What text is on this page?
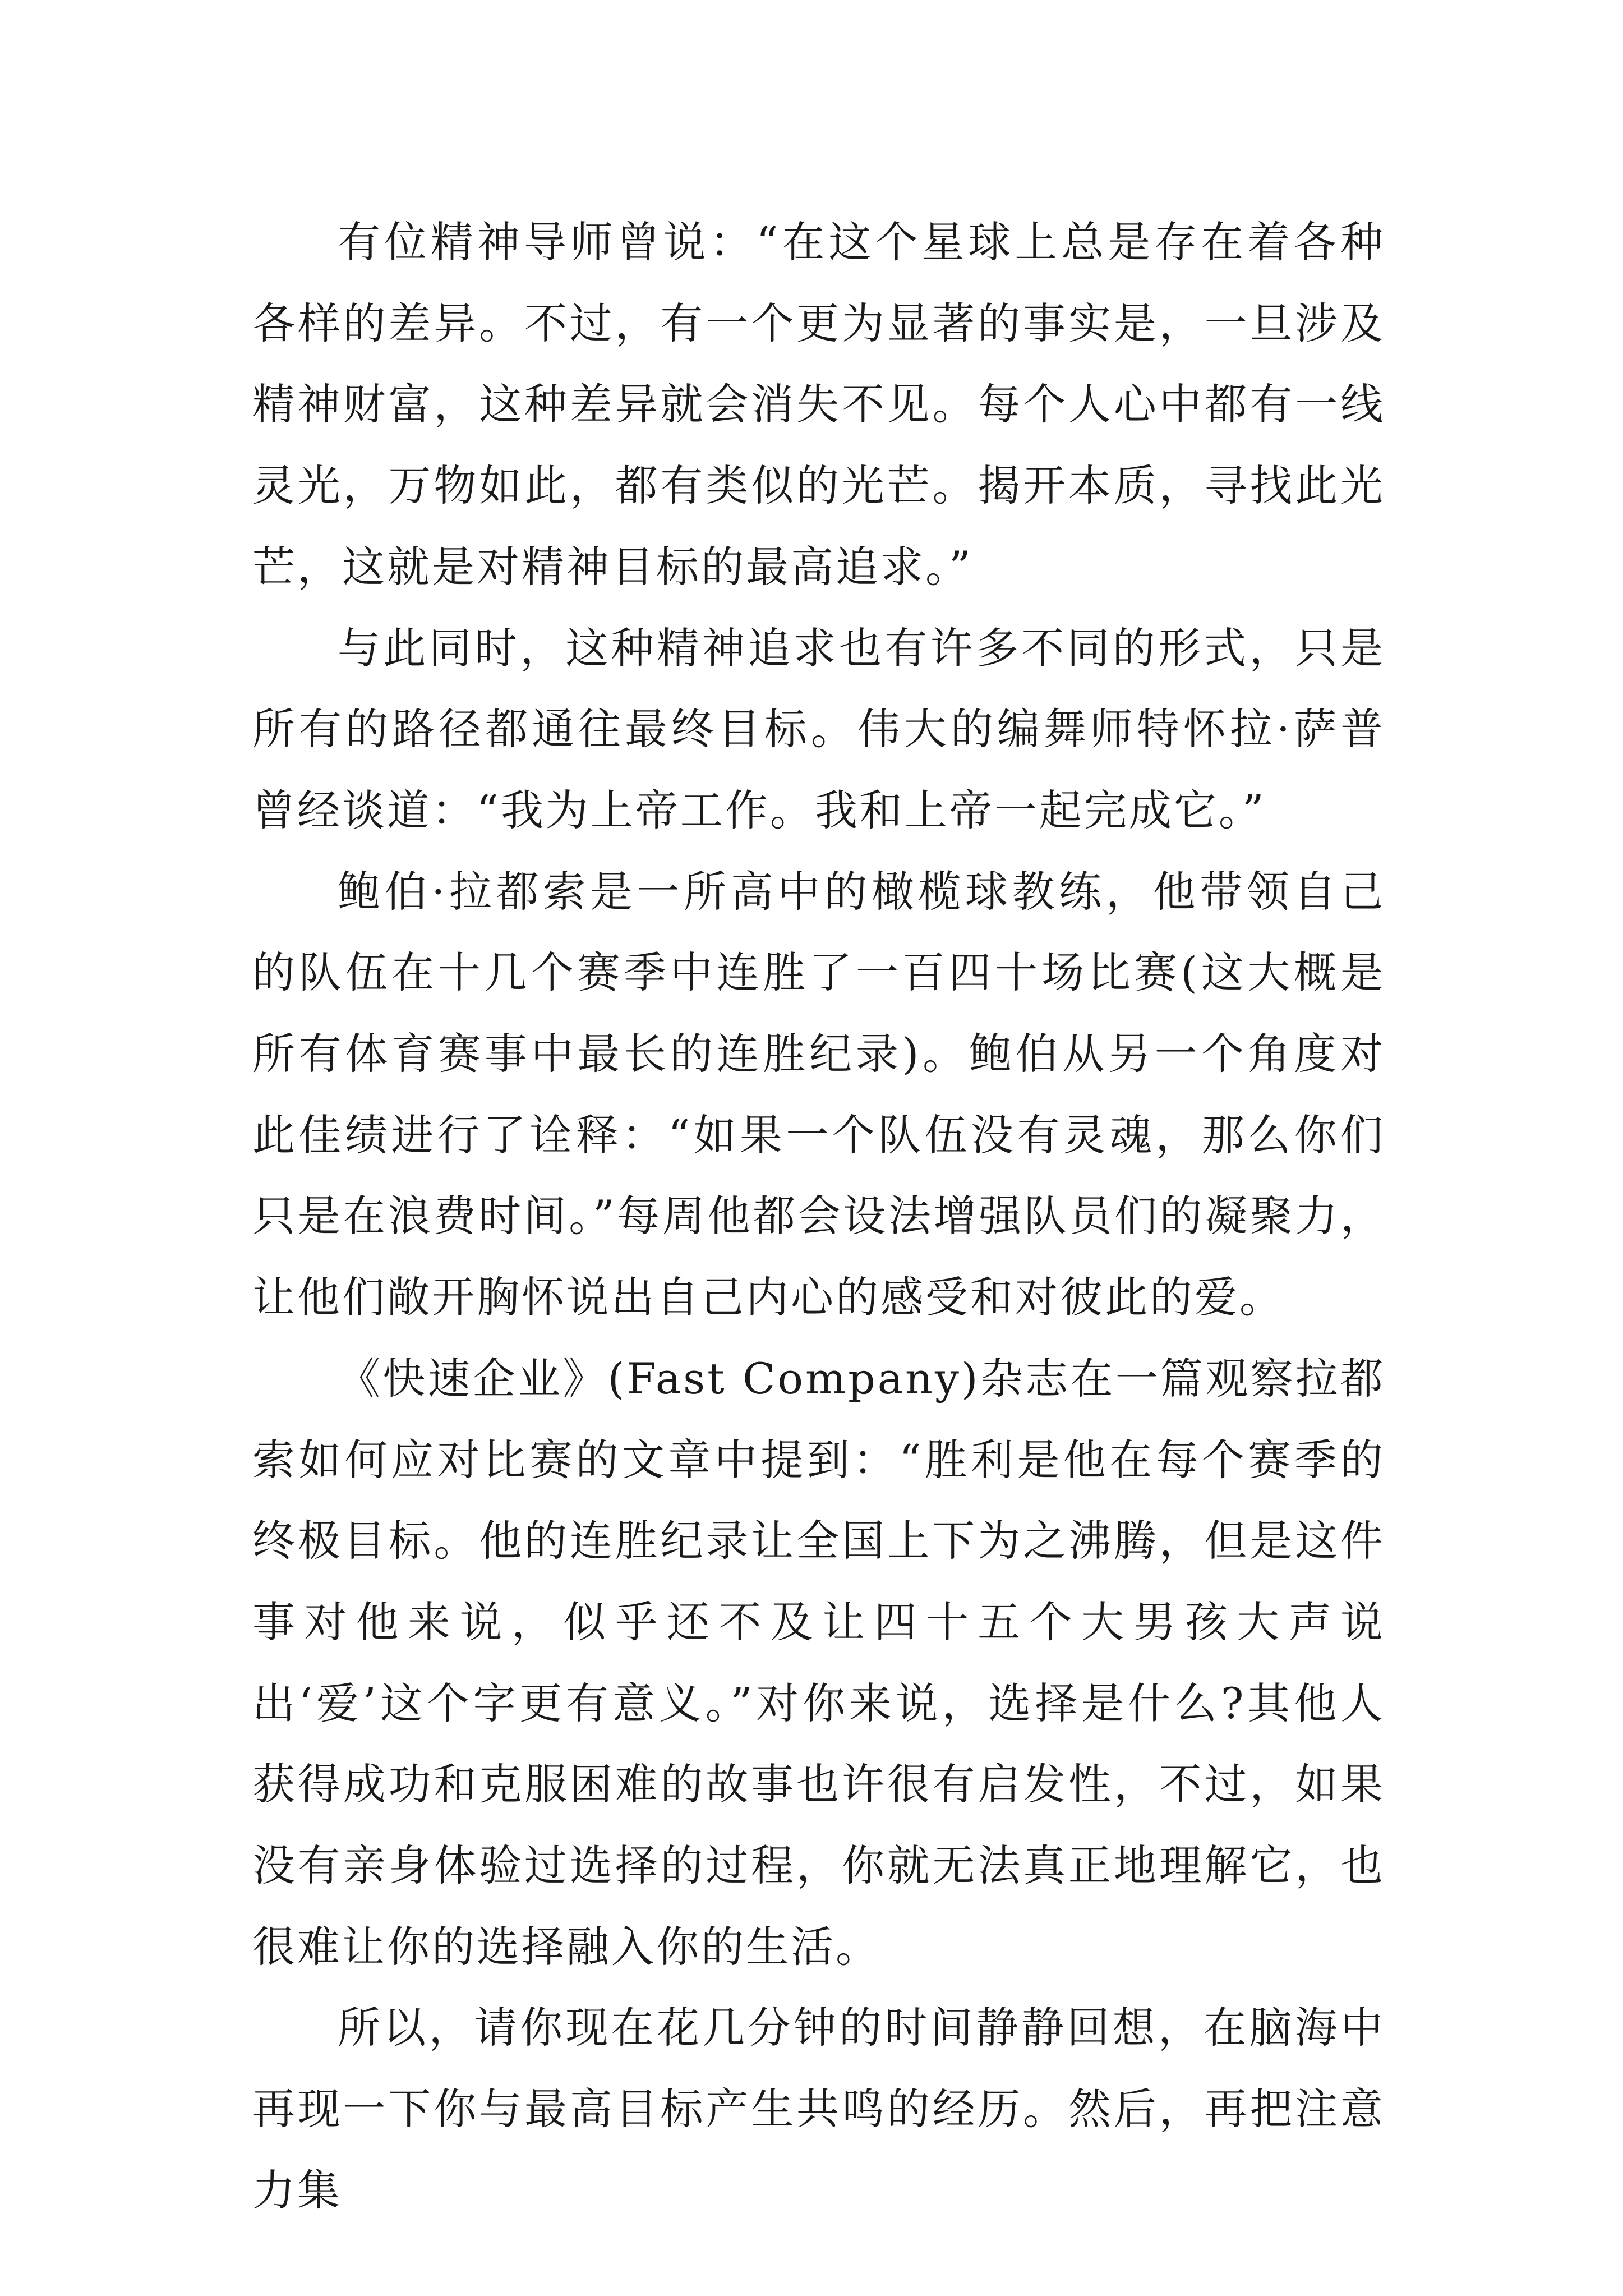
有位精神导师曾说：“在这个星球上总是存在着各种各样的差异。不过，有一个更为显著的事实是，一旦涉及精神财富，这种差异就会消失不见。每个人心中都有一线灵光，万物如此，都有类似的光芒。揭开本质，寻找此光芒，这就是对精神目标的最高追求。”

与此同时，这种精神追求也有许多不同的形式，只是所有的路径都通往最终目标。伟大的编舞师特怀拉·萨普曾经谈道：“我为上帝工作。我和上帝一起完成它。”

鲍伯·拉都索是一所高中的橄榄球教练，他带领自己的队伍在十几个赛季中连胜了一百四十场比赛(这大概是所有体育赛事中最长的连胜纪录)。鲍伯从另一个角度对此佳绩进行了诠释：“如果一个队伍没有灵魂，那么你们只是在浪费时间。”每周他都会设法增强队员们的凝聚力，让他们敞开胸怀说出自己内心的感受和对彼此的爱。

《快速企业》(Fast Company)杂志在一篇观察拉都索如何应对比赛的文章中提到：“胜利是他在每个赛季的终极目标。他的连胜纪录让全国上下为之沸腾，但是这件事对他来说，似乎还不及让四十五个大男孩大声说出‘爱’这个字更有意义。”对你来说，选择是什么?其他人获得成功和克服困难的故事也许很有启发性，不过，如果没有亲身体验过选择的过程，你就无法真正地理解它，也很难让你的选择融入你的生活。

所以，请你现在花几分钟的时间静静回想，在脑海中再现一下你与最高目标产生共鸣的经历。然后，再把注意力集
